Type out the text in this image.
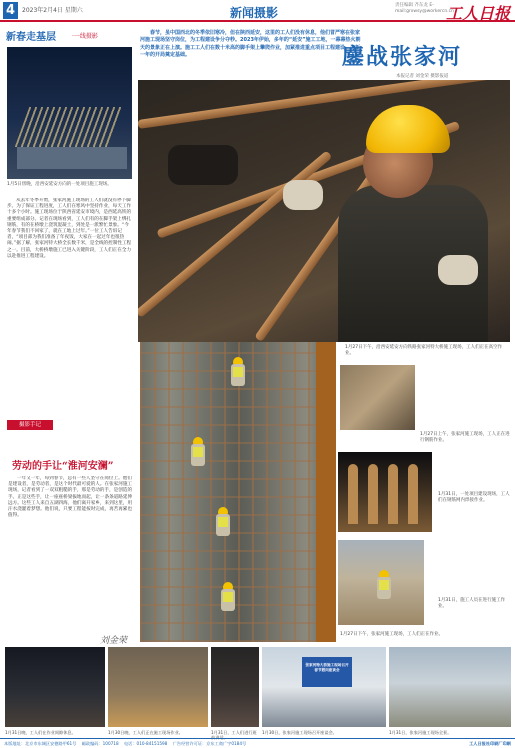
4	2023年2月4日 星期六	新闻摄影
责任编辑 齐东龙 E-mail:grxwsy@workercn.cn
工人日报
新春走基层	·一线摄影	春节，虽中国西北的冬季依旧寒冷，但在陕西延安，这里的工人们没有休息，他们冒严寒在张家河施工现场坚守岗位，为工程建设争分夺秒。2023年伊始，多年的“延安”施工工地，一幕幕热火朝天的景象正在上演。施工工人们在数十米高的脚手架上攀爬作业，加紧推进重点项目工程建设，为新一年的开局奠定基础。	鏖战张家河
本报记者 刘金荣 摄影报道
1月5日傍晚，沿西安延安方向的一处项目施工现场。
从去年冬季开始，张家河施工现场的工人们就没有停下脚步。为了保证工程进度，工人们在寒风中坚持作业，每天工作十多个小时。施工现场位于陕西省延安市境内，是西延高铁的重要组成部分。记者在现场看到，工人们有的在脚手架上绑扎钢筋，有的在桥墩上浇筑混凝土，到处是一派繁忙景象。“今年春节我们不回家了，就在工地上过年。”一位工人告诉记者，“项目部为我们准备了年夜饭，大家在一起过年也很热闹。”据了解，张家河特大桥全长数千米，是全线的控制性工程之一。目前，大桥桥墩施工已进入关键阶段，工人们正在全力以赴推进工程建设。
1月27日下午，沿西安延安方向铁路张家河特大桥施工现场，工人们正在高空作业。
1月27日上午，张家河施工现场，工人正在进行钢筋作业。
1月31日，一处项目建设现场，工人们在钢筋网内焊接作业。
1月31日，施工人员在进行施工作业。
1月27日下午，张家河施工现场，工人们正在作业。
摄影手记
劳动的手让“淮河安澜”
一年又一年，每到春节，总有一些人坚守在岗位上。他们是建设者，是劳动者，是这个时代最可爱的人。在张家河施工现场，记者看到了一双双粗糙的手，那是劳动的手，是创造的手。正是这些手，让一座座桥梁拔地而起，让一条条道路延伸远方。这些工人来自五湖四海，他们离开家乡，来到这里，用汗水浇灌着梦想。他们说，只要工程能按时完成，再苦再累也值得。
刘金荣
1月31日晚，工人们在作业间隙休息。	1月30日晚，工人们正在施工现场作业。	1月31日，工人们进行班前讲话。
张家河特大桥施工现场召开春节慰问座谈会
1月30日，张家河施工现场召开座谈会。	1月31日，张家河施工现场全景。
本版地址：北京市东城区安德路甲61号 邮政编码：100718 电话：010-84151598 广告经营许可证：京东工商广字0184号	工人日报社印刷厂印刷
